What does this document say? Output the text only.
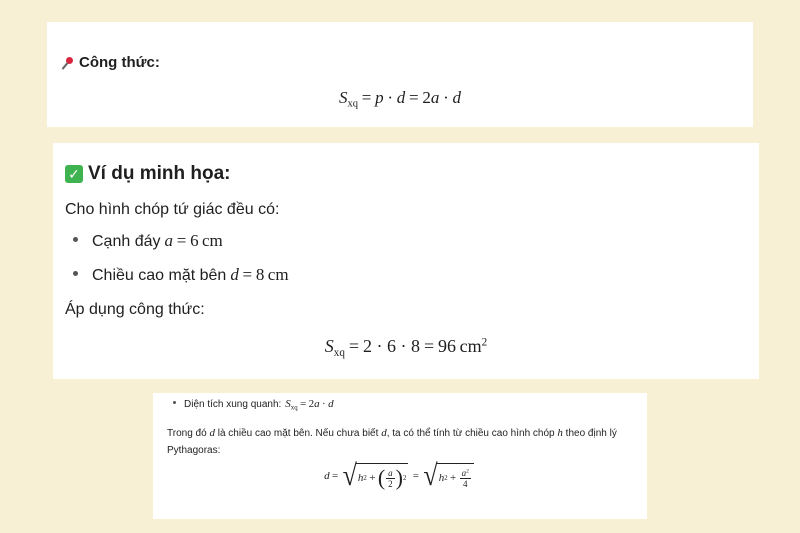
Công thức:
$S_{xq} = p \cdot d = 2a \cdot d$
✓ Ví dụ minh họa:
Cho hình chóp tứ giác đều có:
Cạnh đáy a = 6  cm
Chiều cao mặt bên d = 8  cm
Áp dụng công thức:
$S_{xq} = 2 \cdot 6 \cdot 8 = 96$  $cm^2$
Diện tích xung quanh: $S_{xq} = 2a \cdot d$
Trong đó d là chiều cao mặt bên. Nếu chưa biết d, ta có thể tính từ chiều cao hình chóp h theo định lý Pythagoras:
d = √ h 2 + ( $\frac{a}{2}$ ) 2 = √ h $2 + \frac{a^2}{4}$
